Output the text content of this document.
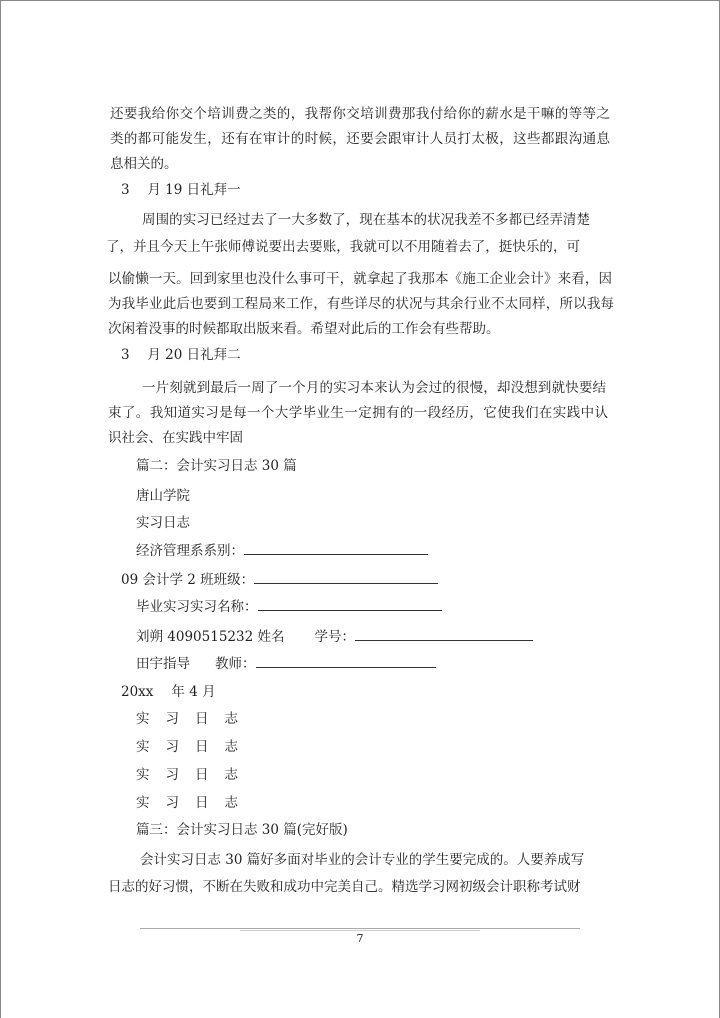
还要我给你交个培训费之类的，我帮你交培训费那我付给你的薪水是干嘛的等等之

类的都可能发生，还有在审计的时候，还要会跟审计人员打太极，这些都跟沟通息

息相关的。

3　 月 19 日礼拜一

周围的实习已经过去了一大多数了，现在基本的状况我差不多都已经弄清楚

了，并且今天上午张师傅说要出去要账，我就可以不用随着去了，挺快乐的，可

以偷懒一天。回到家里也没什么事可干，就拿起了我那本《施工企业会计》来看，因

为我毕业此后也要到工程局来工作，有些详尽的状况与其余行业不太同样，所以我每

次闲着没事的时候都取出版来看。希望对此后的工作会有些帮助。

3　 月 20 日礼拜二

一片刻就到最后一周了一个月的实习本来认为会过的很慢，却没想到就快要结

束了。我知道实习是每一个大学毕业生一定拥有的一段经历，它使我们在实践中认

识社会、在实践中牢固

篇二：会计实习日志 30 篇

唐山学院

实习日志

经济管理系系别：

09 会计学 2 班班级：

毕业实习实习名称：

刘朔 4090515232 姓名 学号：

田宇指导 教师：

20xx 年 4 月

实 习 日 志

实 习 日 志

实 习 日 志

实 习 日 志

篇三：会计实习日志 30 篇(完好版)

会计实习日志 30 篇好多面对毕业的会计专业的学生要完成的。人要养成写

日志的好习惯，不断在失败和成功中完美自己。精选学习网初级会计职称考试财

7
